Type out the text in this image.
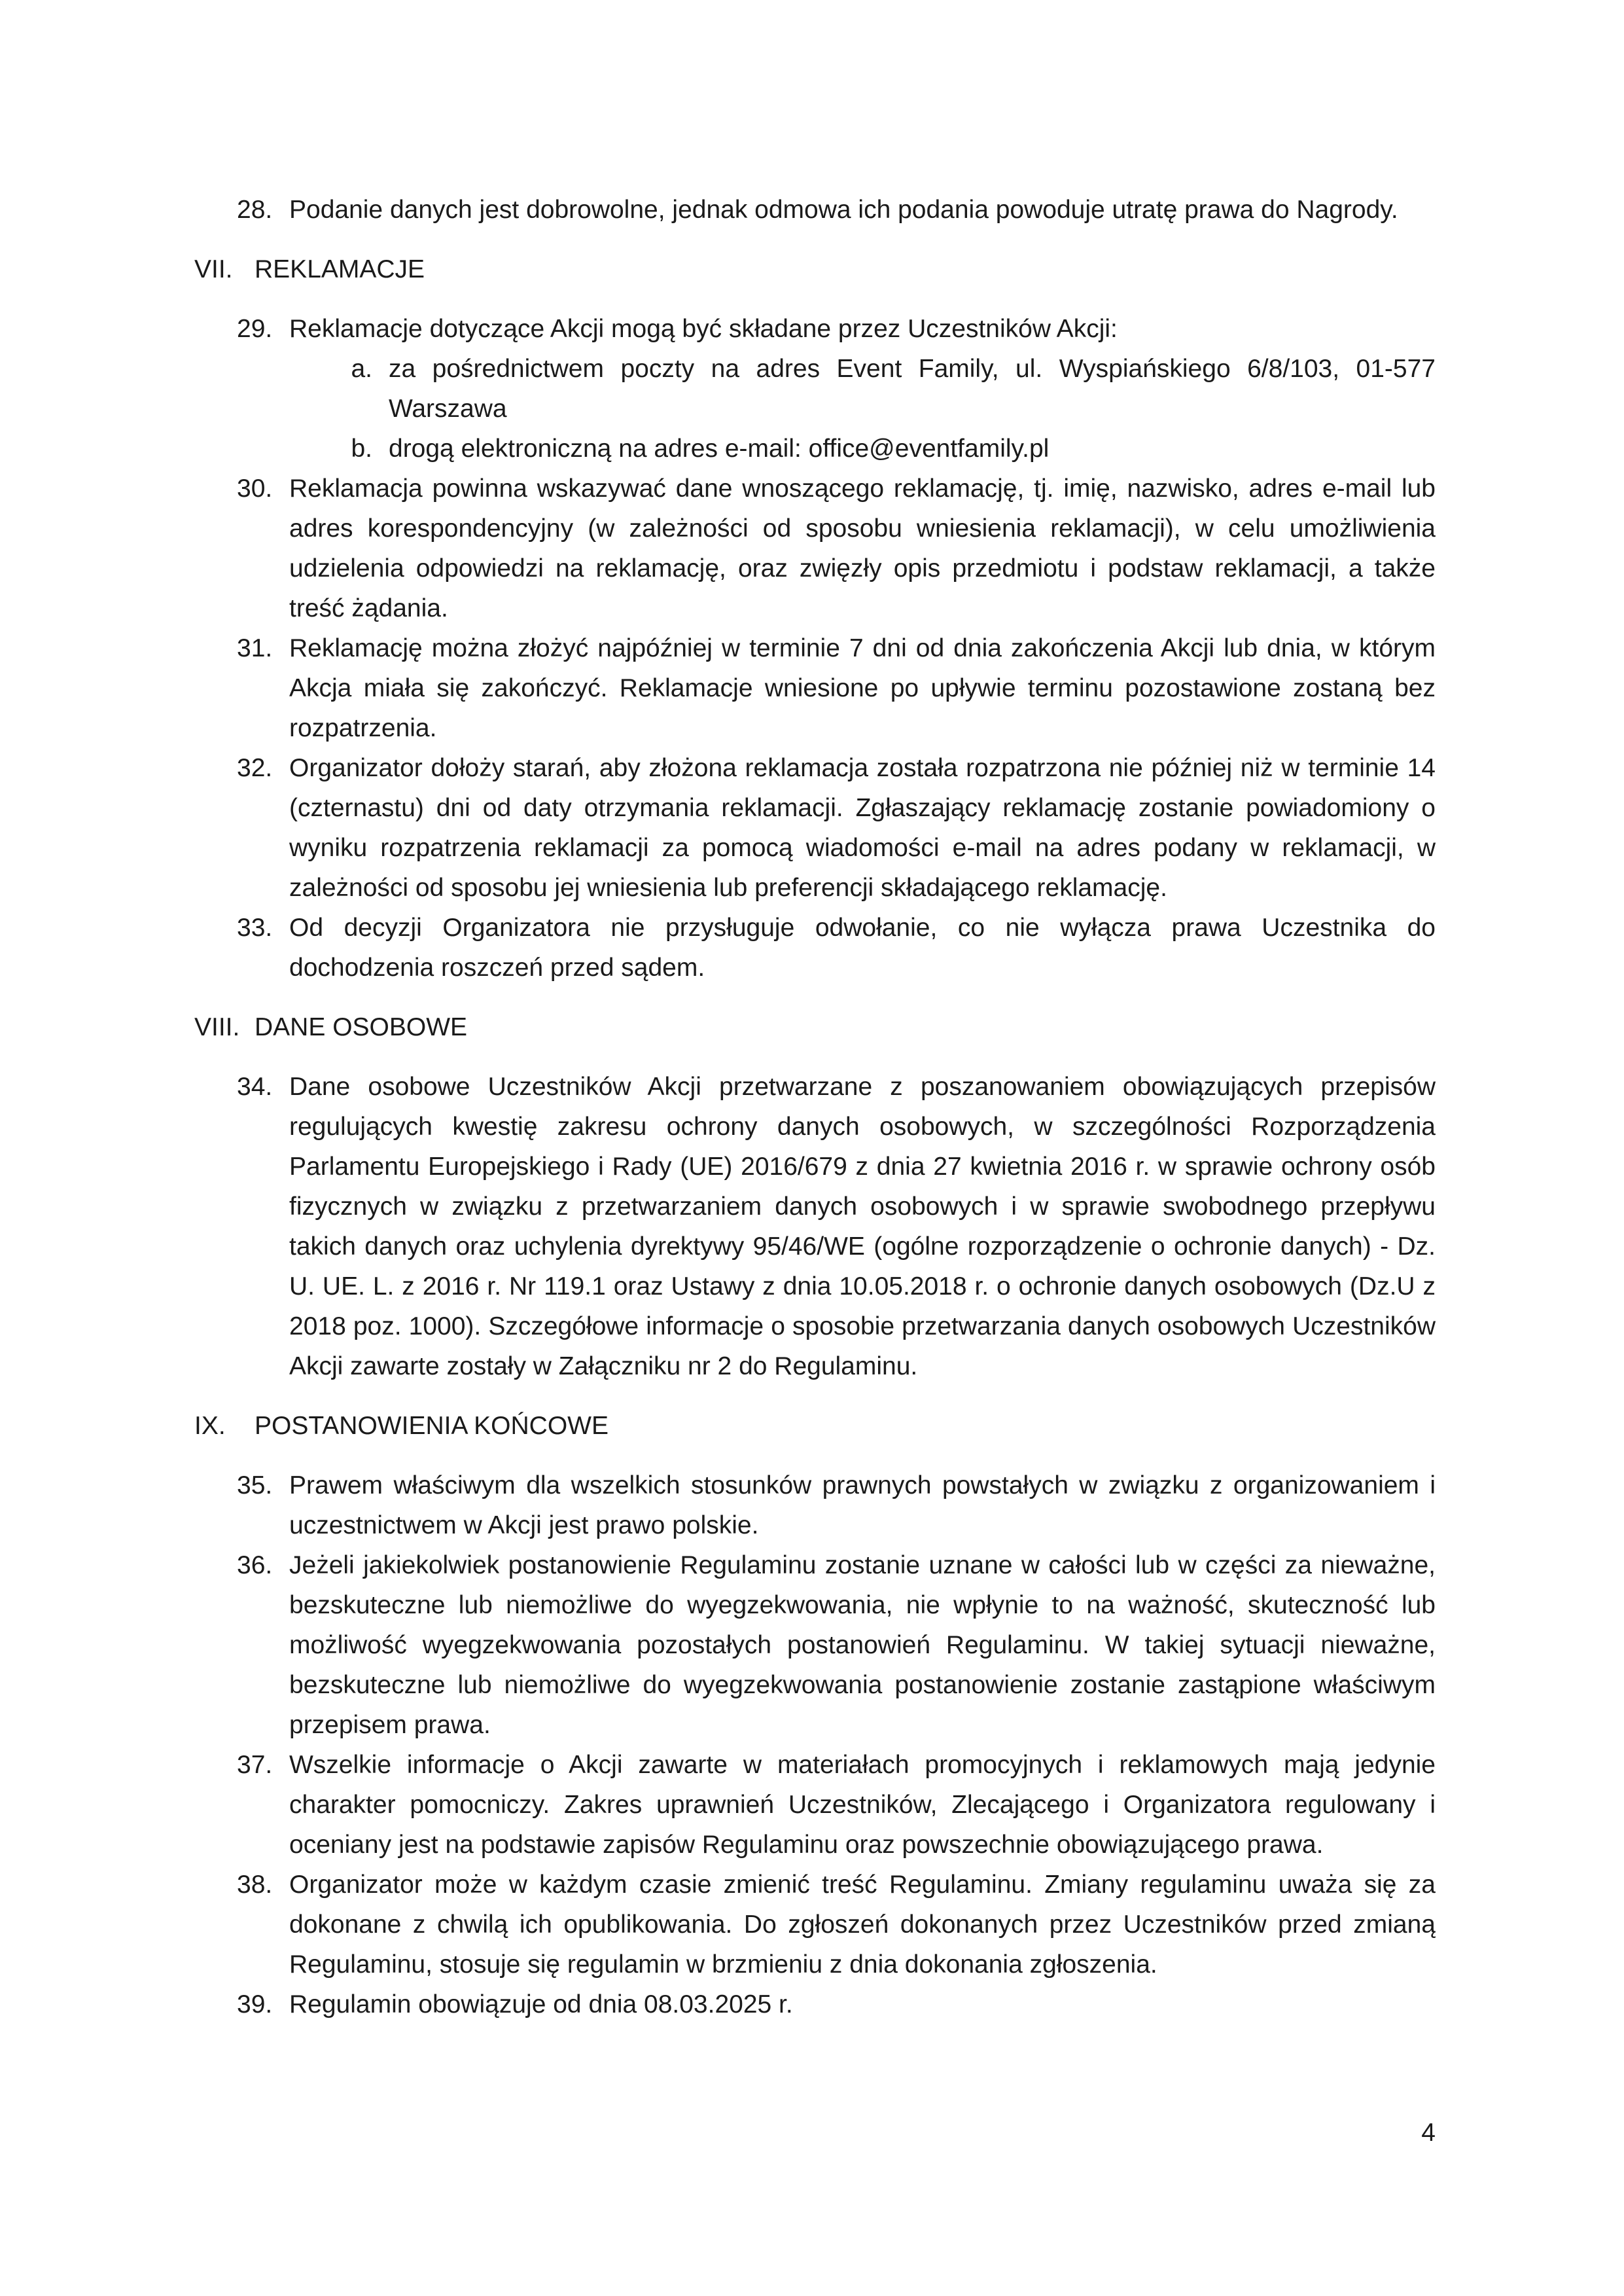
28. Podanie danych jest dobrowolne, jednak odmowa ich podania powoduje utratę prawa do Nagrody.
VII. REKLAMACJE
29. Reklamacje dotyczące Akcji mogą być składane przez Uczestników Akcji:
a. za pośrednictwem poczty na adres Event Family, ul. Wyspiańskiego 6/8/103, 01-577 Warszawa
b. drogą elektroniczną na adres e-mail: office@eventfamily.pl
30. Reklamacja powinna wskazywać dane wnoszącego reklamację, tj. imię, nazwisko, adres e-mail lub adres korespondencyjny (w zależności od sposobu wniesienia reklamacji), w celu umożliwienia udzielenia odpowiedzi na reklamację, oraz zwięzły opis przedmiotu i podstaw reklamacji, a także treść żądania.
31. Reklamację można złożyć najpóźniej w terminie 7 dni od dnia zakończenia Akcji lub dnia, w którym Akcja miała się zakończyć. Reklamacje wniesione po upływie terminu pozostawione zostaną bez rozpatrzenia.
32. Organizator dołoży starań, aby złożona reklamacja została rozpatrzona nie później niż w terminie 14 (czternastu) dni od daty otrzymania reklamacji. Zgłaszający reklamację zostanie powiadomiony o wyniku rozpatrzenia reklamacji za pomocą wiadomości e-mail na adres podany w reklamacji, w zależności od sposobu jej wniesienia lub preferencji składającego reklamację.
33. Od decyzji Organizatora nie przysługuje odwołanie, co nie wyłącza prawa Uczestnika do dochodzenia roszczeń przed sądem.
VIII. DANE OSOBOWE
34. Dane osobowe Uczestników Akcji przetwarzane z poszanowaniem obowiązujących przepisów regulujących kwestię zakresu ochrony danych osobowych, w szczególności Rozporządzenia Parlamentu Europejskiego i Rady (UE) 2016/679 z dnia 27 kwietnia 2016 r. w sprawie ochrony osób fizycznych w związku z przetwarzaniem danych osobowych i w sprawie swobodnego przepływu takich danych oraz uchylenia dyrektywy 95/46/WE (ogólne rozporządzenie o ochronie danych) - Dz. U. UE. L. z 2016 r. Nr 119.1 oraz Ustawy z dnia 10.05.2018 r. o ochronie danych osobowych (Dz.U z 2018 poz. 1000). Szczegółowe informacje o sposobie przetwarzania danych osobowych Uczestników Akcji zawarte zostały w Załączniku nr 2 do Regulaminu.
IX.	POSTANOWIENIA KOŃCOWE
35. Prawem właściwym dla wszelkich stosunków prawnych powstałych w związku z organizowaniem i uczestnictwem w Akcji jest prawo polskie.
36. Jeżeli jakiekolwiek postanowienie Regulaminu zostanie uznane w całości lub w części za nieważne, bezskuteczne lub niemożliwe do wyegzekwowania, nie wpłynie to na ważność, skuteczność lub możliwość wyegzekwowania pozostałych postanowień Regulaminu. W takiej sytuacji nieważne, bezskuteczne lub niemożliwe do wyegzekwowania postanowienie zostanie zastąpione właściwym przepisem prawa.
37. Wszelkie informacje o Akcji zawarte w materiałach promocyjnych i reklamowych mają jedynie charakter pomocniczy. Zakres uprawnień Uczestników, Zlecającego i Organizatora regulowany i oceniany jest na podstawie zapisów Regulaminu oraz powszechnie obowiązującego prawa.
38. Organizator może w każdym czasie zmienić treść Regulaminu. Zmiany regulaminu uważa się za dokonane z chwilą ich opublikowania. Do zgłoszeń dokonanych przez Uczestników przed zmianą Regulaminu, stosuje się regulamin w brzmieniu z dnia dokonania zgłoszenia.
39. Regulamin obowiązuje od dnia 08.03.2025 r.
4
